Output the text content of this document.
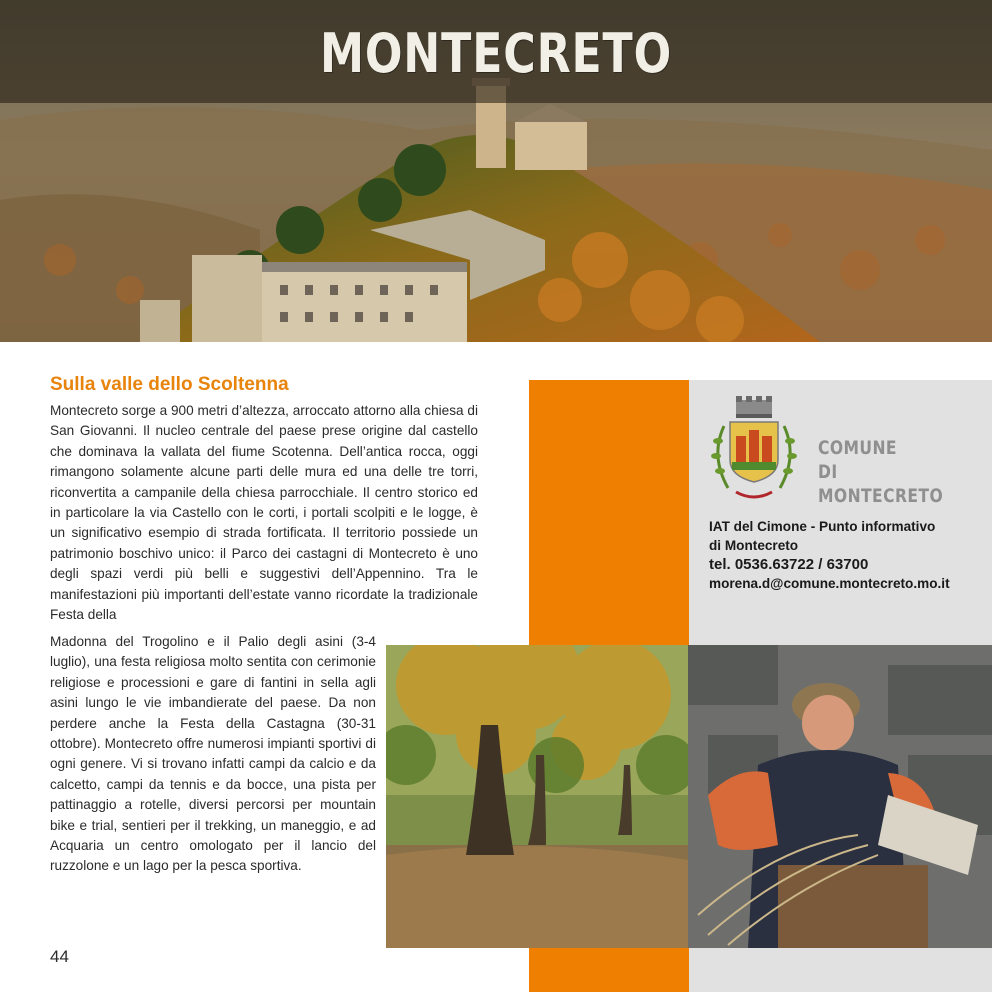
MONTECRETO
Sulla valle dello Scoltenna
Montecreto sorge a 900 metri d’altezza, arroccato attorno alla chiesa di San Giovanni. Il nucleo centrale del paese prese origine dal castello che dominava la vallata del fiume Scotenna. Dell’antica rocca, oggi rimangono solamente alcune parti delle mura ed una delle tre torri, riconvertita a campanile della chiesa parrocchiale. Il centro storico ed in particolare la via Castello con le corti, i portali scolpiti e le logge, è un significativo esempio di strada fortificata. Il territorio possiede un patrimonio boschivo unico: il Parco dei castagni di Montecreto è uno degli spazi verdi più belli e suggestivi dell’Appennino. Tra le manifestazioni più importanti dell’estate vanno ricordate la tradizionale Festa della
Madonna del Trogolino e il Palio degli asini (3-4 luglio), una festa religiosa molto sentita con cerimonie religiose e processioni e gare di fantini in sella agli asini lungo le vie imbandierate del paese. Da non perdere anche la Festa della Castagna (30-31 ottobre). Montecreto offre numerosi impianti sportivi di ogni genere. Vi si trovano infatti campi da calcio e da calcetto, campi da tennis e da bocce, una pista per pattinaggio a rotelle, diversi percorsi per mountain bike e trial, sentieri per il trekking, un maneggio, e ad Acquaria un centro omologato per il lancio del ruzzolone e un lago per la pesca sportiva.
44
COMUNE
DI MONTECRETO
IAT del Cimone - Punto informativo
di Montecreto
tel. 0536.63722 / 63700
morena.d@comune.montecreto.mo.it
